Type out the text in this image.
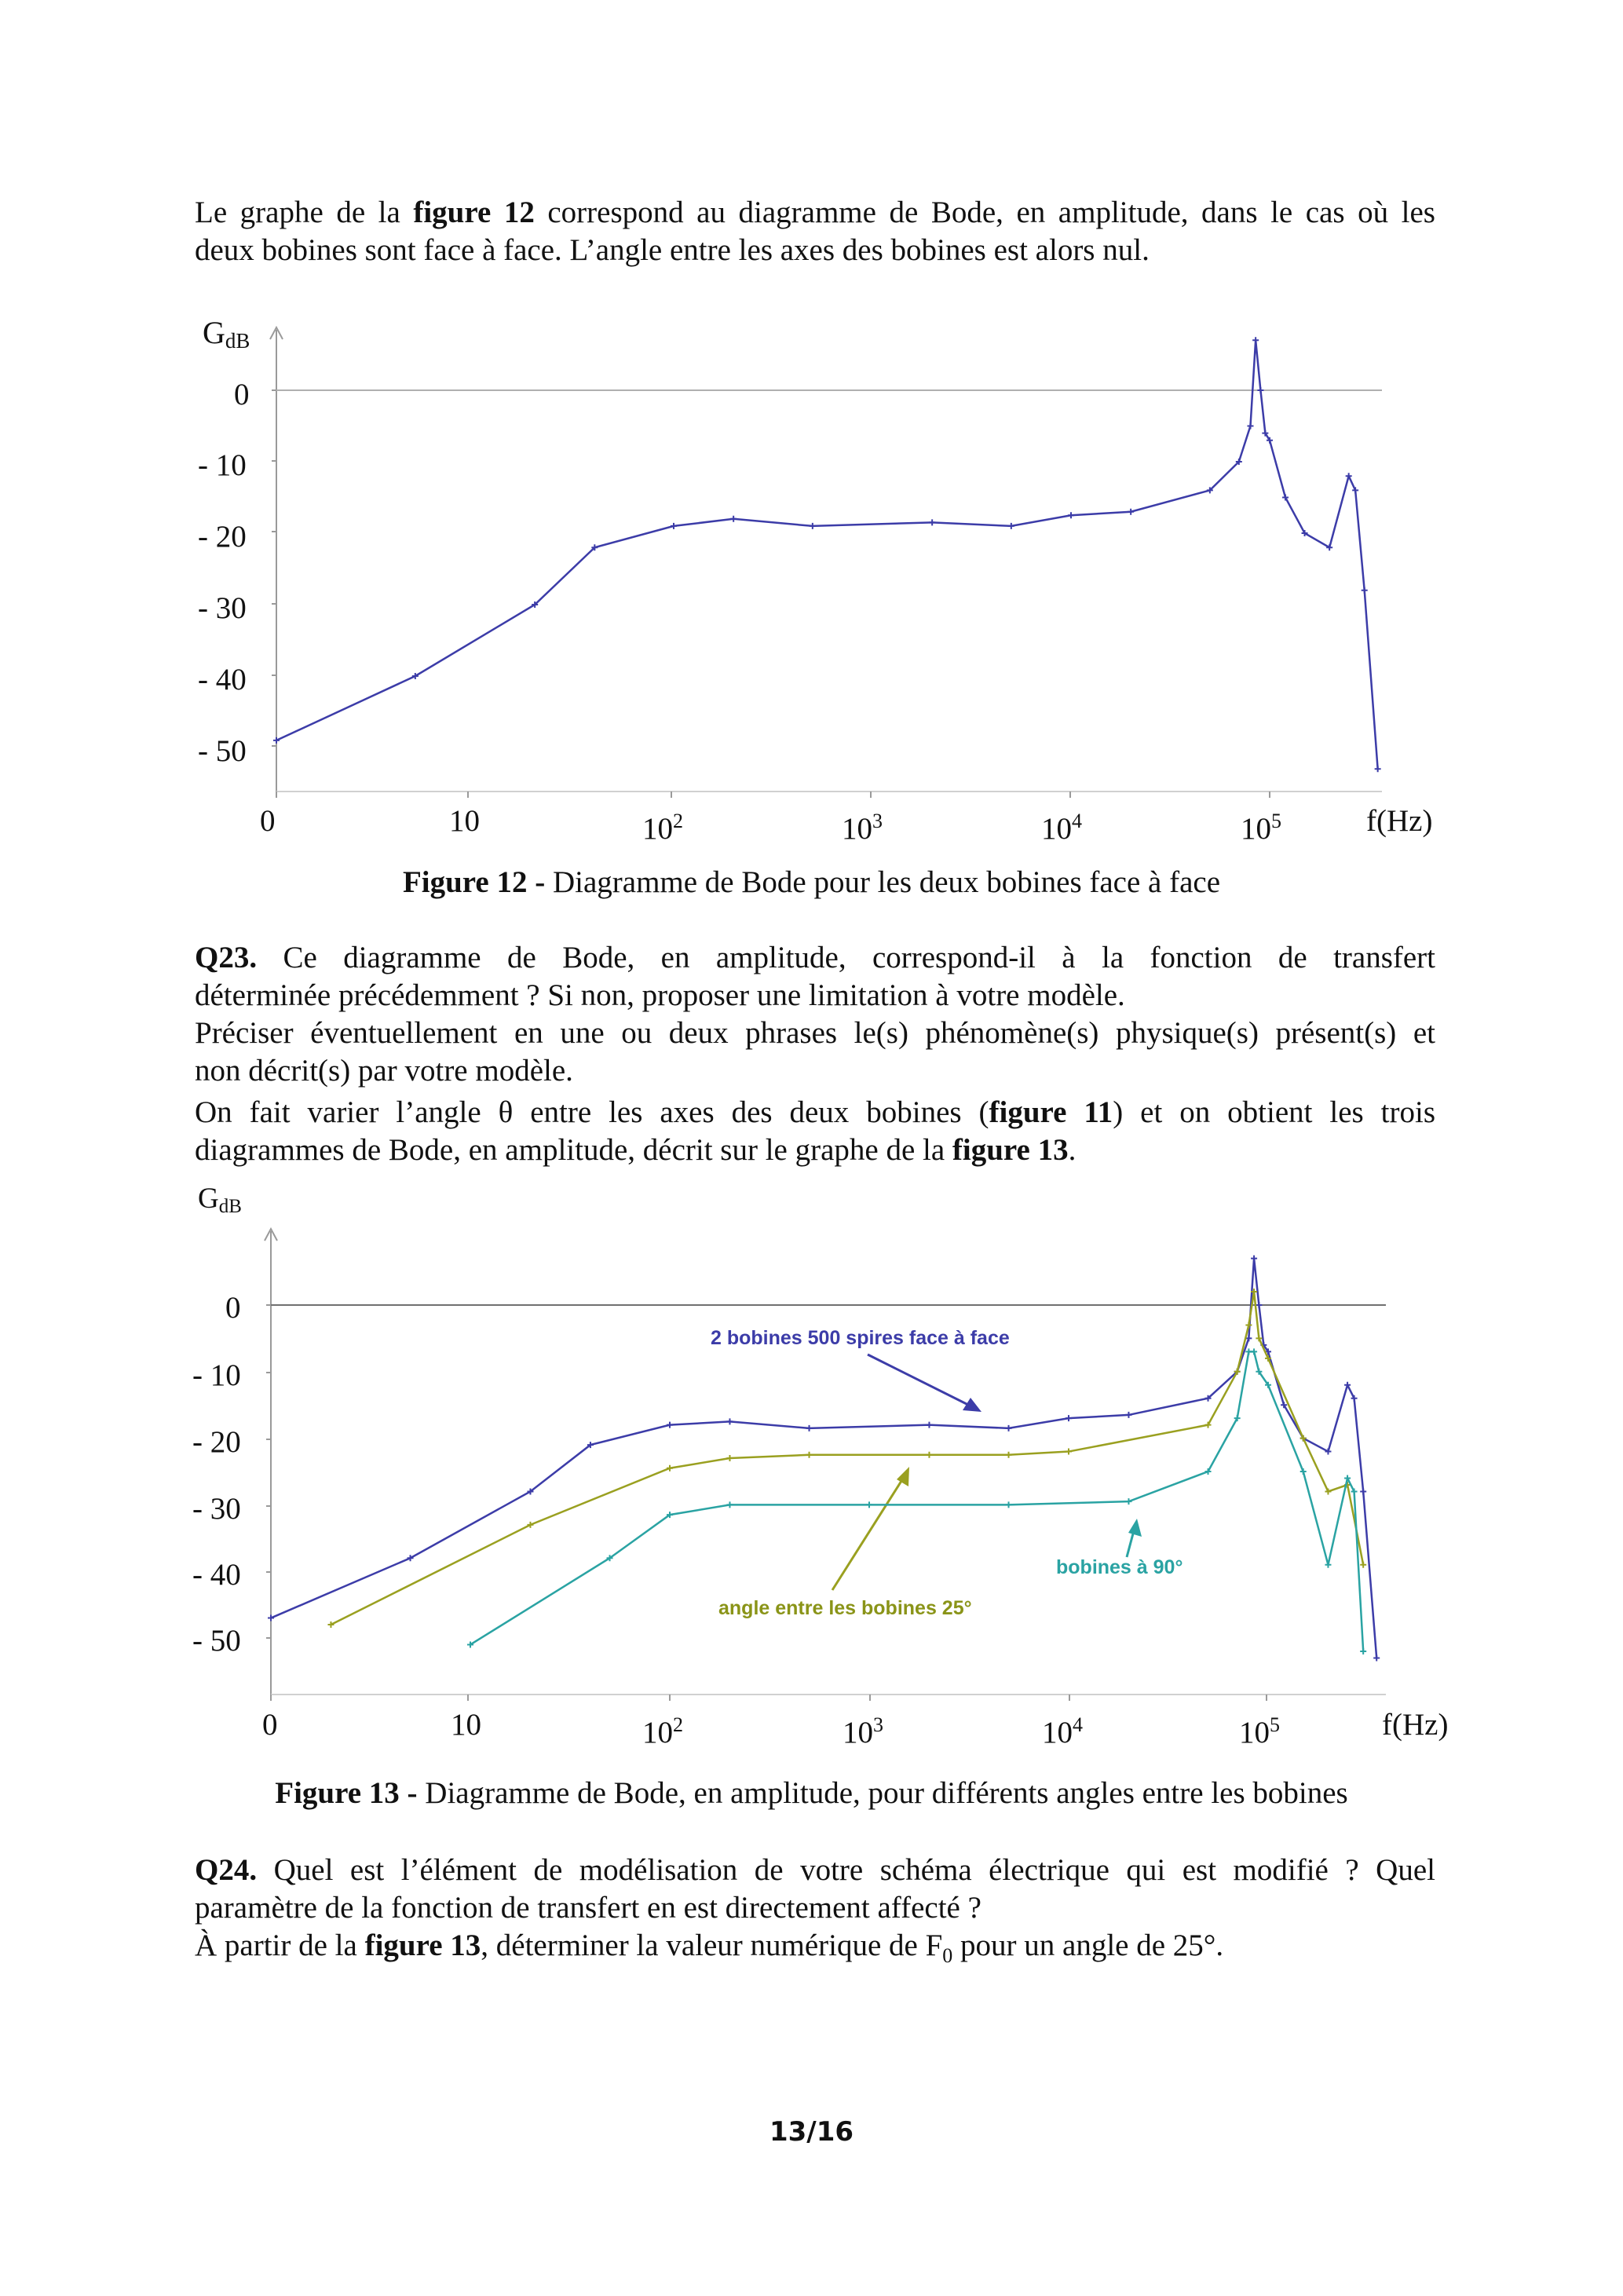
Le graphe de la figure 12 correspond au diagramme de Bode, en amplitude, dans le cas où les
deux bobines sont face à face. L’angle entre les axes des bobines est alors nul.
GdB
0
- 10
- 20
- 30
- 40
- 50
0	10	$10^2$	$10^3$	$10^4$	$10^5$	f(Hz)
Figure 12 - Diagramme de Bode pour les deux bobines face à face
Q23. Ce diagramme de Bode, en amplitude, correspond-il à la fonction de transfert
déterminée précédemment ? Si non, proposer une limitation à votre modèle.
Préciser éventuellement en une ou deux phrases le(s) phénomène(s) physique(s) présent(s) et
non décrit(s) par votre modèle.
On fait varier l’angle θ entre les axes des deux bobines (figure 11) et on obtient les trois
diagrammes de Bode, en amplitude, décrit sur le graphe de la figure 13.
GdB
0
- 10
- 20
- 30
- 40
- 50
0	10	$10^2$	$10^3$	$10^4$	$10^5$	f(Hz)
2 bobines 500 spires face à face
angle entre les bobines 25°
bobines à 90°
Figure 13 - Diagramme de Bode, en amplitude, pour différents angles entre les bobines
Q24. Quel est l’élément de modélisation de votre schéma électrique qui est modifié ? Quel
paramètre de la fonction de transfert en est directement affecté ?
À partir de la figure 13, déterminer la valeur numérique de $F_0$ pour un angle de 25°.
13/16
